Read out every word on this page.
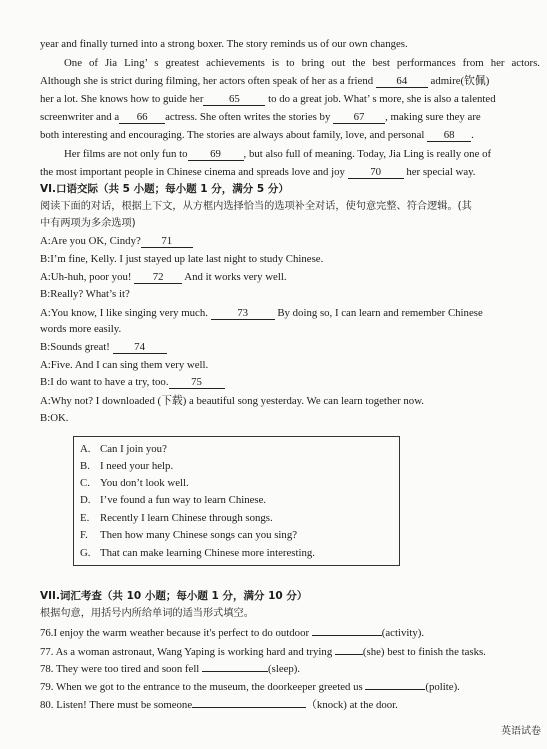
year and finally turned into a strong boxer. The story reminds us of our own changes.
One of Jia Ling’ s greatest achievements is to bring out the best performances from her actors.
Although she is strict during filming, her actors often speak of her as a friend 64 admire(钦佩)
her a lot. She knows how to guide her 65	to do a great job. What’ s more, she is also a talented
screenwriter and a 66 actress. She often writes the stories by 67 , making sure they are
both interesting and encouraging. The stories are always about family, love, and personal 68 .
Her films are not only fun to 69 , but also full of meaning. Today, Jia Ling is really one of
the most important people in Chinese cinema and spreads love and joy 70 her special way.
VI.口语交际（共 5 小题；每小题 1 分，满分 5 分）
阅读下面的对话，根据上下文，从方框内选择恰当的选项补全对话，使句意完整、符合逻辑。(其
中有两项为多余选项)
A:Are you OK, Cindy? 71
B:I’m fine, Kelly. I just stayed up late last night to study Chinese.
A:Uh-huh, poor you! 72 And it works very well.
B:Really? What’s it?
A:You know, I like singing very much.	73	By doing so, I can learn and remember Chinese
words more easily.
B:Sounds great! 74
A:Five. And I can sing them very well.
B:I do want to have a try, too. 75
A:Why not? I downloaded (下载) a beautiful song yesterday. We can learn together now.
B:OK.
A. Can I join you?
B. I need your help.
C. You don’t look well.
D. I’ve found a fun way to learn Chinese.
E. Recently I learn Chinese through songs.
F. Then how many Chinese songs can you sing?
G. That can make learning Chinese more interesting.
VII.词汇考查（共 10 小题；每小题 1 分，满分 10 分）
根据句意，用括号内所给单词的适当形式填空。
76.I enjoy the warm weather because it's perfect to do outdoor	(activity).
77. As a woman astronaut, Wang Yaping is working hard and trying	(she) best to finish the tasks.
78. They were too tired and soon fell	(sleep).
79. When we got to the entrance to the museum, the doorkeeper greeted us	(polite).
80. Listen! There must be someone	（knock) at the door.
英语试卷
